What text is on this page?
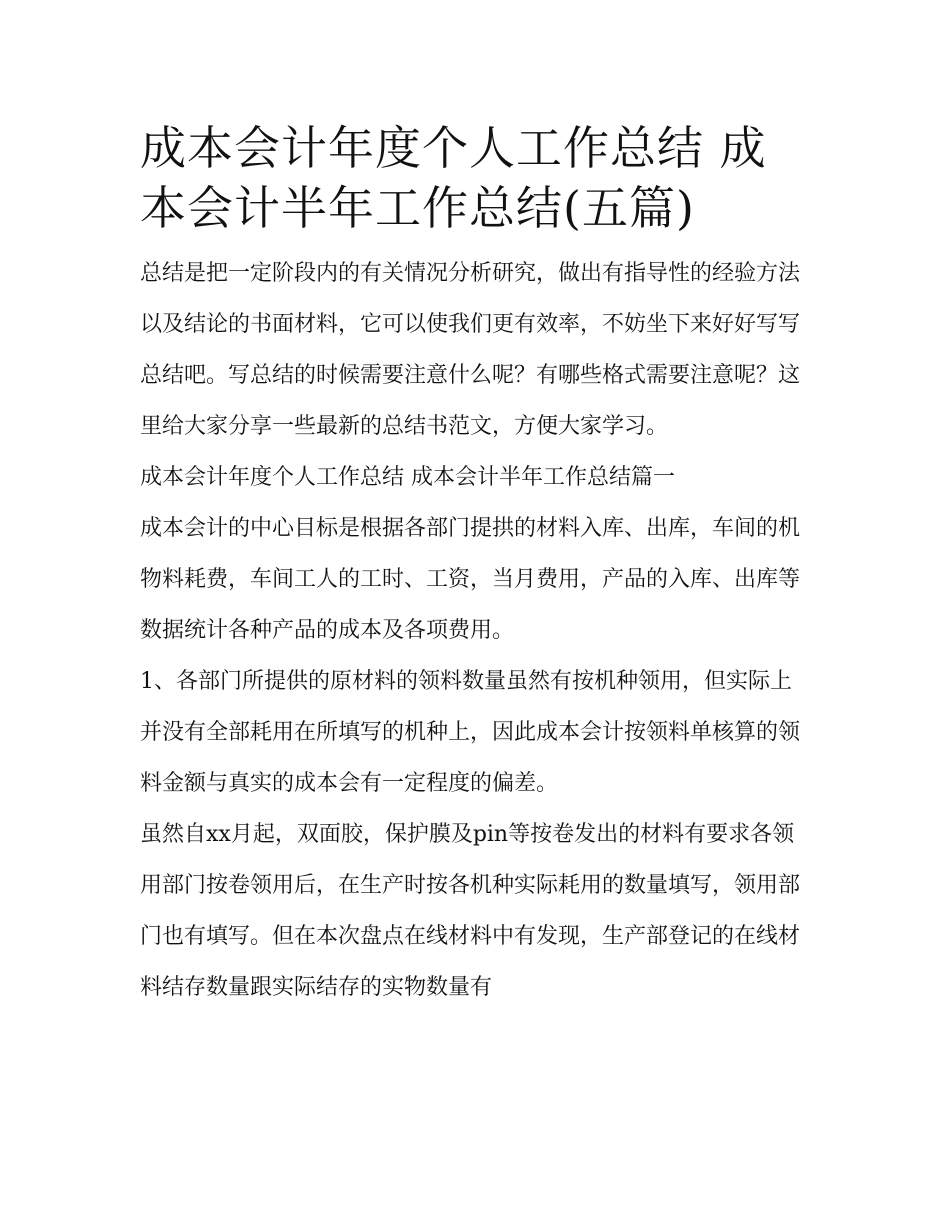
成本会计年度个人工作总结 成本会计半年工作总结(五篇)

总结是把一定阶段内的有关情况分析研究，做出有指导性的经验方法以及结论的书面材料，它可以使我们更有效率，不妨坐下来好好写写总结吧。写总结的时候需要注意什么呢？有哪些格式需要注意呢？这里给大家分享一些最新的总结书范文，方便大家学习。

成本会计年度个人工作总结 成本会计半年工作总结篇一

成本会计的中心目标是根据各部门提拱的材料入库、出库，车间的机物料耗费，车间工人的工时、工资，当月费用，产品的入库、出库等数据统计各种产品的成本及各项费用。

1、各部门所提供的原材料的领料数量虽然有按机种领用，但实际上并没有全部耗用在所填写的机种上，因此成本会计按领料单核算的领料金额与真实的成本会有一定程度的偏差。

虽然自xx月起，双面胶，保护膜及pin等按卷发出的材料有要求各领用部门按卷领用后，在生产时按各机种实际耗用的数量填写，领用部门也有填写。但在本次盘点在线材料中有发现，生产部登记的在线材料结存数量跟实际结存的实物数量有
